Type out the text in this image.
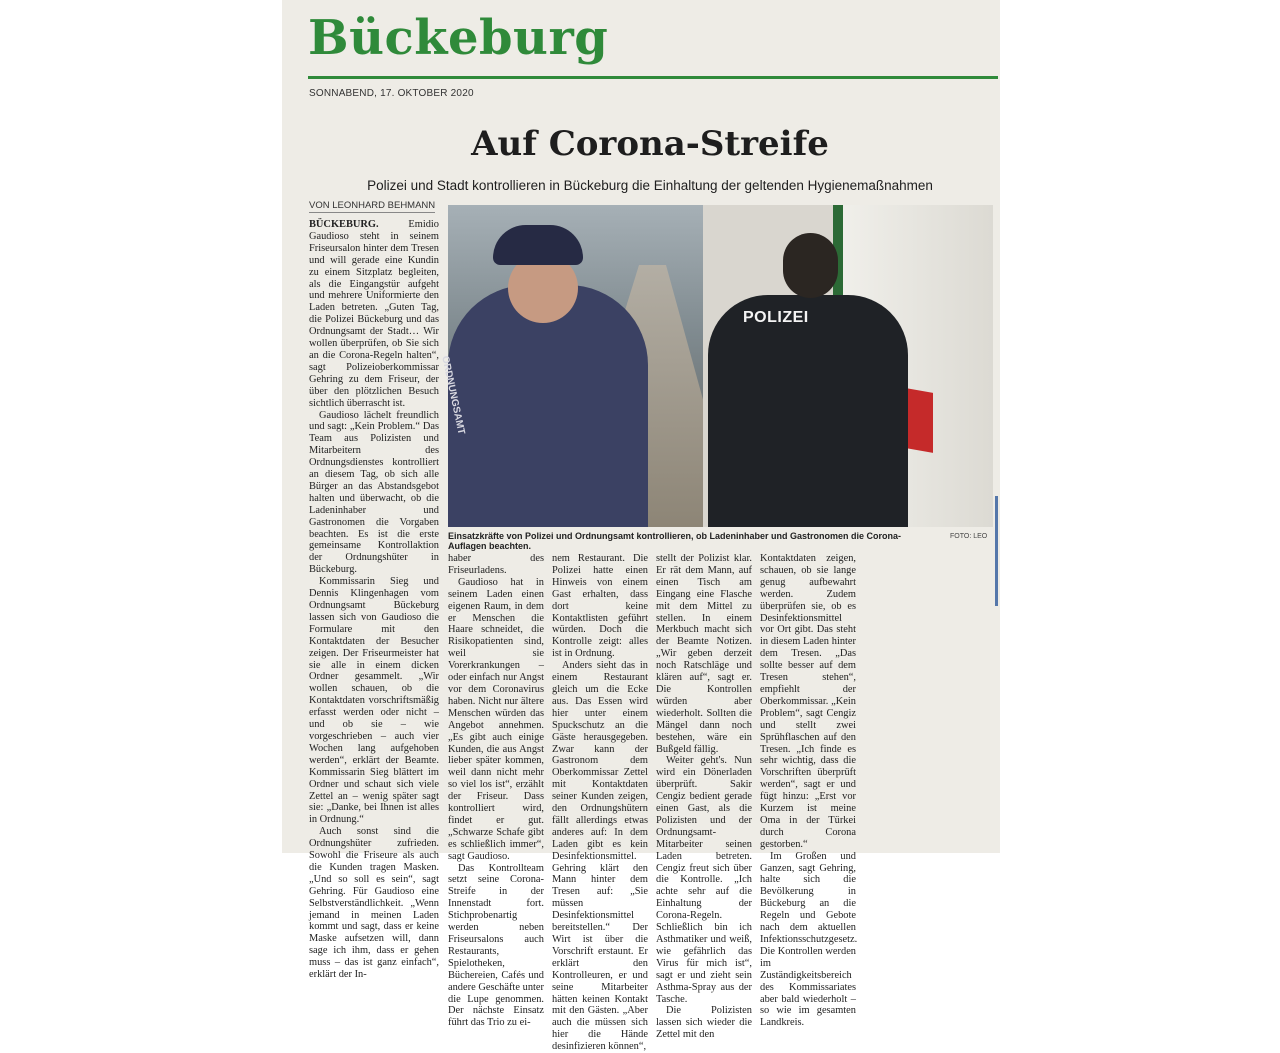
Bückeburg
SONNABEND, 17. OKTOBER 2020
Auf Corona-Streife
Polizei und Stadt kontrollieren in Bückeburg die Einhaltung der geltenden Hygienemaßnahmen
VON LEONHARD BEHMANN

BÜCKEBURG.	Emidio Gaudioso steht in seinem Friseursalon hinter dem Tresen und will gerade eine Kundin zu einem Sitzplatz begleiten, als die Eingangstür aufgeht und mehrere Uniformierte den Laden betreten. „Guten Tag, die Polizei Bückeburg und das Ordnungsamt der Stadt… Wir wollen überprüfen, ob Sie sich an die Corona-Regeln halten“, sagt Polizeioberkommissar Gehring zu dem Friseur, der über den plötzlichen Besuch sichtlich überrascht ist.

Gaudioso lächelt freundlich und sagt: „Kein Problem.“ Das Team aus Polizisten und Mitarbeitern des Ordnungsdienstes kontrolliert an diesem Tag, ob sich alle Bürger an das Abstandsgebot halten und überwacht, ob die Ladeninhaber und Gastronomen die Vorgaben beachten. Es ist die erste gemeinsame Kontrollaktion der Ordnungshüter in Bückeburg.

Kommissarin Sieg und Dennis Klingenhagen vom Ordnungsamt Bückeburg lassen sich von Gaudioso die Formulare mit den Kontaktdaten der Besucher zeigen. Der Friseurmeister hat sie alle in einem dicken Ordner gesammelt. „Wir wollen schauen, ob die Kontaktdaten vorschriftsmäßig erfasst werden oder nicht – und ob sie – wie vorgeschrieben – auch vier Wochen lang aufgehoben werden“, erklärt der Beamte. Kommissarin Sieg blättert im Ordner und schaut sich viele Zettel an – wenig später sagt sie: „Danke, bei Ihnen ist alles in Ordnung.“

Auch sonst sind die Ordnungshüter zufrieden. Sowohl die Friseure als auch die Kunden tragen Masken. „Und so soll es sein“, sagt Gehring. Für Gaudioso eine Selbstverständlichkeit. „Wenn jemand in meinen Laden kommt und sagt, dass er keine Maske aufsetzen will, dann sage ich ihm, dass er gehen muss – das ist ganz einfach“, erklärt der In-

POLIZEI
ORDNUNGSAMT
Einsatzkräfte von Polizei und Ordnungsamt kontrollieren, ob Ladeninhaber und Gastronomen die Corona-Auflagen beachten.
FOTO: LEO

haber des Friseurladens.

Gaudioso hat in seinem Laden einen eigenen Raum, in dem er Menschen die Haare schneidet, die Risikopatienten sind, weil sie Vorerkrankungen – oder einfach nur Angst vor dem Coronavirus haben. Nicht nur ältere Menschen würden das Angebot annehmen. „Es gibt auch einige Kunden, die aus Angst lieber später kommen, weil dann nicht mehr so viel los ist“, erzählt der Friseur. Dass kontrolliert wird, findet er gut. „Schwarze Schafe gibt es schließlich immer“, sagt Gaudioso.

Das Kontrollteam setzt seine Corona-Streife in der Innenstadt fort. Stichprobenartig werden neben Friseursalons auch Restaurants, Spielotheken, Büchereien, Cafés und andere Geschäfte unter die Lupe genommen. Der nächste Einsatz führt das Trio zu ei-

nem Restaurant. Die Polizei hatte einen Hinweis von einem Gast erhalten, dass dort keine Kontaktlisten geführt würden. Doch die Kontrolle zeigt: alles ist in Ordnung.

Anders sieht das in einem Restaurant gleich um die Ecke aus. Das Essen wird hier unter einem Spuckschutz an die Gäste herausgegeben. Zwar kann der Gastronom dem Oberkommissar Zettel mit Kontaktdaten seiner Kunden zeigen, den Ordnungshütern fällt allerdings etwas anderes auf: In dem Laden gibt es kein Desinfektionsmittel. Gehring klärt den Mann hinter dem Tresen auf: „Sie müssen Desinfektionsmittel bereitstellen.“ Der Wirt ist über die Vorschrift erstaunt. Er erklärt den Kontrolleuren, er und seine Mitarbeiter hätten keinen Kontakt mit den Gästen. „Aber auch die müssen sich hier die Hände desinfizieren können“,

stellt der Polizist klar. Er rät dem Mann, auf einen Tisch am Eingang eine Flasche mit dem Mittel zu stellen. In einem Merkbuch macht sich der Beamte Notizen. „Wir geben derzeit noch Ratschläge und klären auf“, sagt er. Die Kontrollen würden aber wiederholt. Sollten die Mängel dann noch bestehen, wäre ein Bußgeld fällig.

Weiter geht's. Nun wird ein Dönerladen überprüft. Sakir Cengiz bedient gerade einen Gast, als die Polizisten und der Ordnungsamt-Mitarbeiter seinen Laden betreten. Cengiz freut sich über die Kontrolle. „Ich achte sehr auf die Einhaltung der Corona-Regeln. Schließlich bin ich Asthmatiker und weiß, wie gefährlich das Virus für mich ist“, sagt er und zieht sein Asthma-Spray aus der Tasche.

Die Polizisten lassen sich wieder die Zettel mit den

Kontaktdaten zeigen, schauen, ob sie lange genug aufbewahrt werden. Zudem überprüfen sie, ob es Desinfektionsmittel vor Ort gibt. Das steht in diesem Laden hinter dem Tresen. „Das sollte besser auf dem Tresen stehen“, empfiehlt der Oberkommissar. „Kein Problem“, sagt Cengiz und stellt zwei Sprühflaschen auf den Tresen. „Ich finde es sehr wichtig, dass die Vorschriften überprüft werden“, sagt er und fügt hinzu: „Erst vor Kurzem ist meine Oma in der Türkei durch Corona gestorben.“

Im Großen und Ganzen, sagt Gehring, halte sich die Bevölkerung in Bückeburg an die Regeln und Gebote nach dem aktuellen Infektionsschutzgesetz. Die Kontrollen werden im Zuständigkeitsbereich des Kommissariates aber bald wiederholt – so wie im gesamten Landkreis.
